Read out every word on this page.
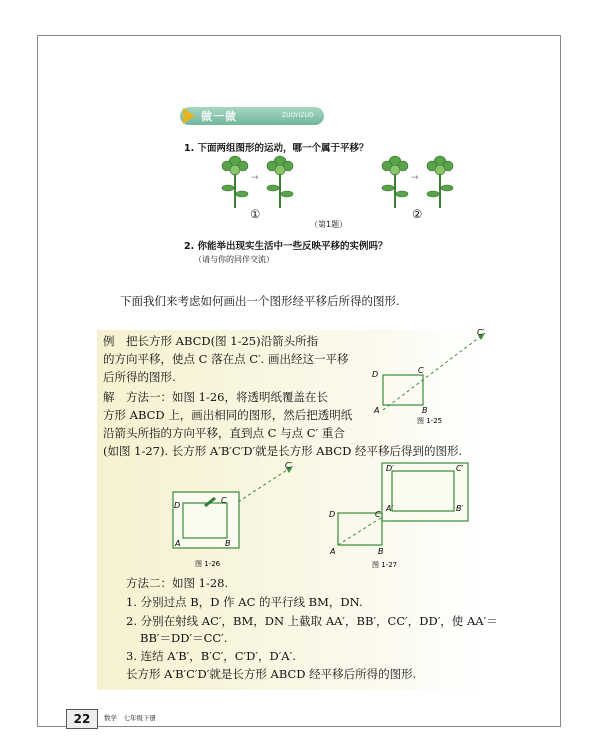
做一做	ZUOYIZUO
1. 下面两组图形的运动，哪一个属于平移？
→	→
①	②
（第1题）
2. 你能举出现实生活中一些反映平移的实例吗？
（请与你的同伴交流）
下面我们来考虑如何画出一个图形经平移后所得的图形.
例　把长方形 ABCD(图 1-25)沿箭头所指
的方向平移，使点 C 落在点 C′. 画出经这一平移
后所得的图形.
解　方法一：如图 1-26，将透明纸覆盖在长
方形 ABCD 上，画出相同的图形，然后把透明纸
沿箭头所指的方向平移，直到点 C 与点 C′ 重合
(如图 1-27). 长方形 A′B′C′D′就是长方形 ABCD 经平移后得到的图形.
D	C
A	B
C′
图 1-25
D
C
A	B
C′
图 1-26
D′	C′
A′	B′
D	C
A	B
图 1-27
方法二：如图 1-28.
1. 分别过点 B，D 作 AC 的平行线 BM，DN.
2. 分别在射线 AC′，BM，DN 上截取 AA′，BB′，CC′，DD′，使 AA′＝
BB′＝DD′＝CC′.
3. 连结 A′B′，B′C′，C′D′，D′A′.
长方形 A′B′C′D′就是长方形 ABCD 经平移后所得的图形.
22	数学　七年级下册
